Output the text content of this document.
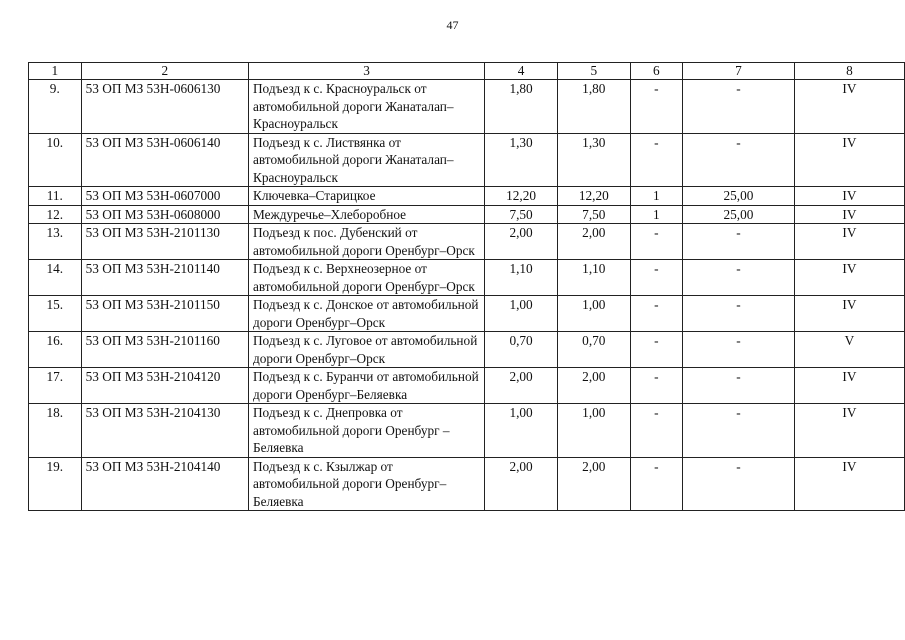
47
1	2	3	4	5	6	7	8
9.	53 ОП МЗ 53Н-0606130	Подъезд к с. Красноуральск от автомобильной дороги Жанаталап–Красноуральск	1,80	1,80	-	-	IV
10.	53 ОП МЗ 53Н-0606140	Подъезд к с. Листвянка от автомобильной дороги Жанаталап–Красноуральск	1,30	1,30	-	-	IV
11.	53 ОП МЗ 53Н-0607000	Ключевка–Старицкое	12,20	12,20	1	25,00	IV
12.	53 ОП МЗ 53Н-0608000	Междуречье–Хлеборобное	7,50	7,50	1	25,00	IV
13.	53 ОП МЗ 53Н-2101130	Подъезд к пос. Дубенский от автомобильной дороги Оренбург–Орск	2,00	2,00	-	-	IV
14.	53 ОП МЗ 53Н-2101140	Подъезд к с. Верхнеозерное от автомобильной дороги Оренбург–Орск	1,10	1,10	-	-	IV
15.	53 ОП МЗ 53Н-2101150	Подъезд к с. Донское от автомобильной дороги Оренбург–Орск	1,00	1,00	-	-	IV
16.	53 ОП МЗ 53Н-2101160	Подъезд к с. Луговое от автомобильной дороги Оренбург–Орск	0,70	0,70	-	-	V
17.	53 ОП МЗ 53Н-2104120	Подъезд к с. Буранчи от автомобильной дороги Оренбург–Беляевка	2,00	2,00	-	-	IV
18.	53 ОП МЗ 53Н-2104130	Подъезд к с. Днепровка от автомобильной дороги Оренбург – Беляевка	1,00	1,00	-	-	IV
19.	53 ОП МЗ 53Н-2104140	Подъезд к с. Кзылжар от автомобильной дороги Оренбург–Беляевка	2,00	2,00	-	-	IV
